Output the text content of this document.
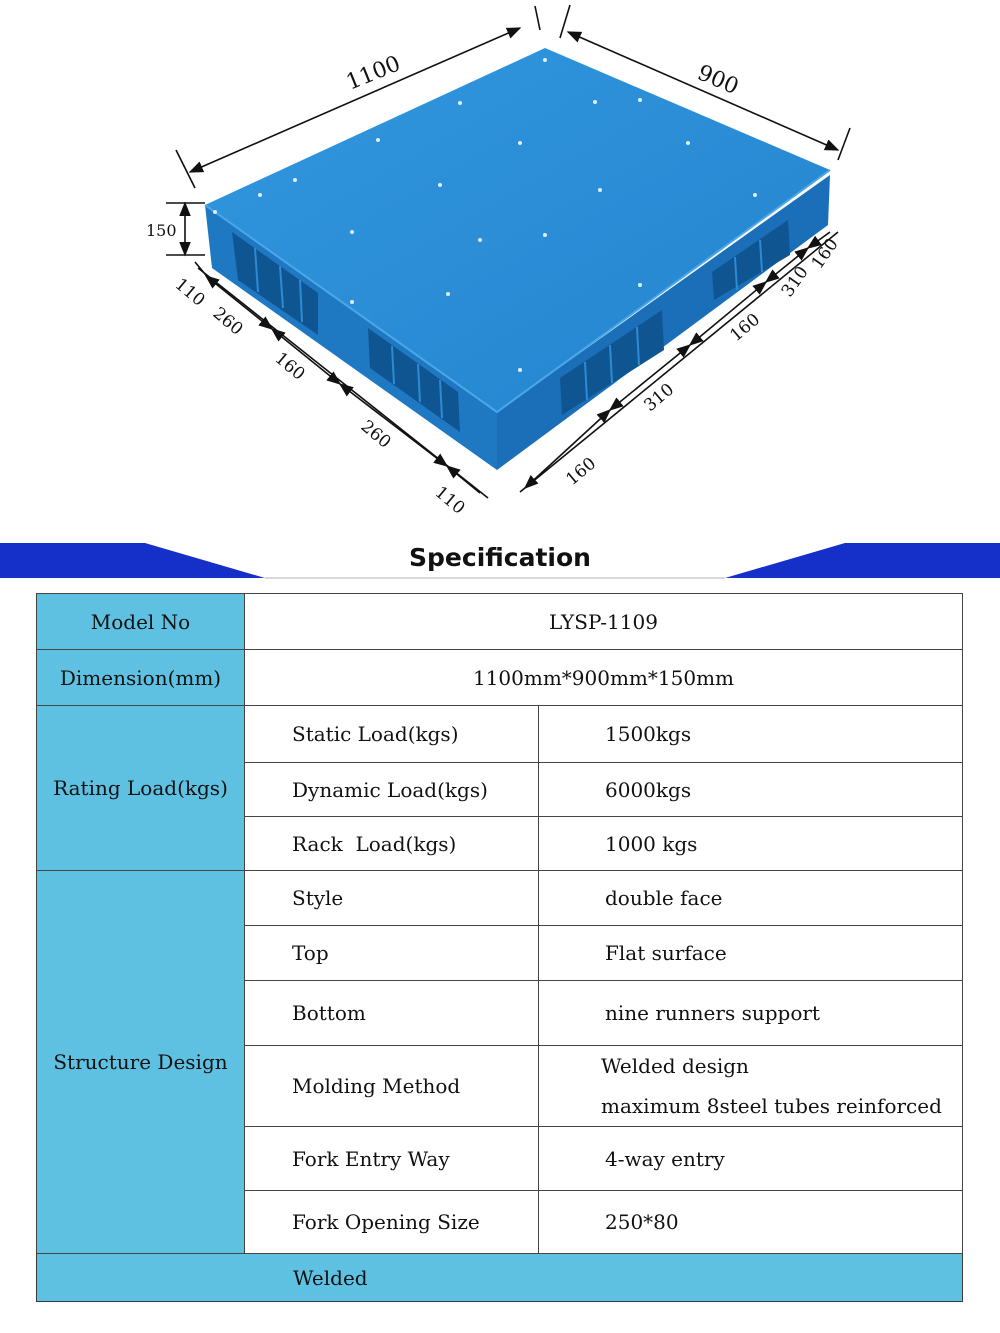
1100	900
150
110
260
160
260
110
160
310
160
310
160
Specification
Model No	LYSP-1109	
Dimension(mm)	1100mm*900mm*150mm	
Rating Load(kgs)	Static Load(kgs)	1500kgs
	Dynamic Load(kgs)	6000kgs
	Rack  Load(kgs)	1000 kgs
Structure Design	Style	double face
	Top	Flat surface
	Bottom	nine runners support
	Molding Method	Welded design
maximum 8steel tubes reinforced

	Fork Entry Way	4-way entry
	Fork Opening Size	250*80
Welded		
